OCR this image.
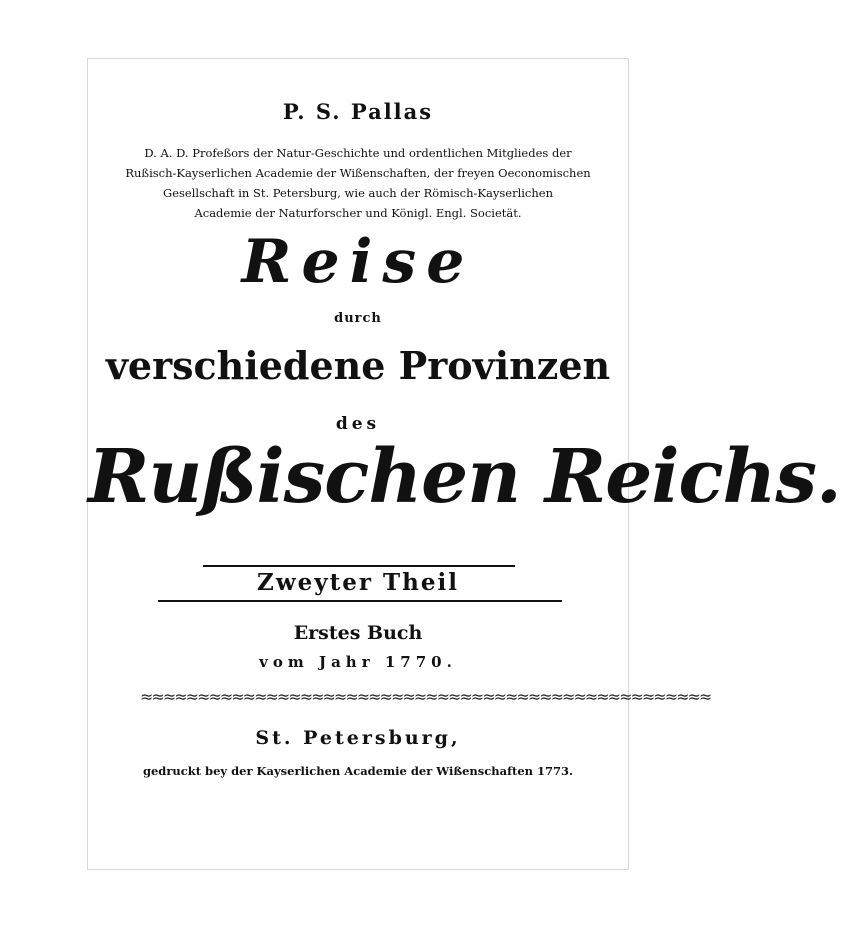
P. S. Pallas
D. A. D. Profeßors der Natur-Geschichte und ordentlichen Mitgliedes der
Rußisch-Kayserlichen Academie der Wißenschaften, der freyen Oeconomischen
Gesellschaft in St. Petersburg, wie auch der Römisch-Kayserlichen
Academie der Naturforscher und Königl. Engl. Societät.
Reise
durch
verschiedene Provinzen
des
Rußischen Reichs.
Zweyter Theil
Erstes Buch
vom Jahr 1770.
≈≈≈≈≈≈≈≈≈≈≈≈≈≈≈≈≈≈≈≈≈≈≈≈≈≈≈≈≈≈≈≈≈≈≈≈≈≈≈≈≈≈≈≈≈≈≈≈≈≈
St. Petersburg,
gedruckt bey der Kayserlichen Academie der Wißenschaften 1773.
